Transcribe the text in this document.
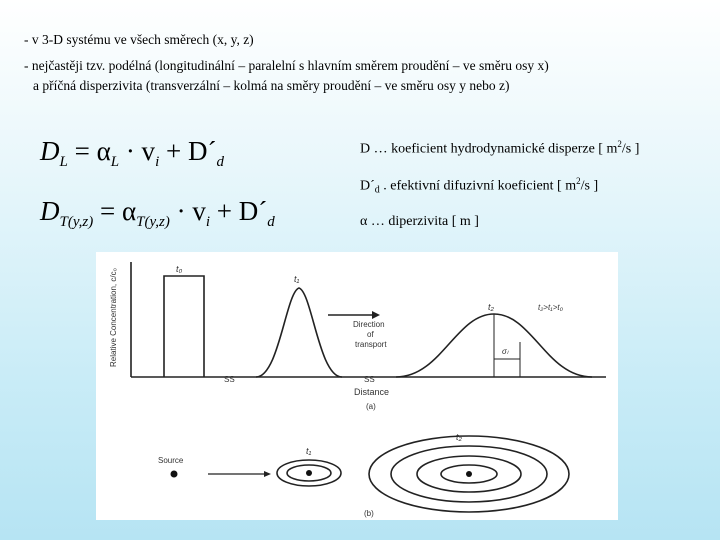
- v 3-D systému ve všech směrech (x, y, z)
- nejčastěji tzv. podélná (longitudinální – paralelní s hlavním směrem proudění – ve směru osy x)
a příčná disperzivita (transverzální – kolmá na směry proudění – ve směru osy y nebo z)
$D_L = \alpha_L \cdot v_i$ + $D´_d$
$D_{T(y,z)} = \alpha_{T(y,z)} \cdot v_i$ + $D´_d$
D … koeficient hydrodynamické disperze [ $m^2/s$ ]
$D´_d$ . efektivní difuzivní koeficient [ $m^2/s$ ]
α … diperzivita [ m ]
Relative Concentration, c/c₀
SS	SS
t₀
t₁
Direction of transport
t₂	t₂>t₁>t₀
σₗ
Distance
(a)
Source
t₁
t₂
(b)
